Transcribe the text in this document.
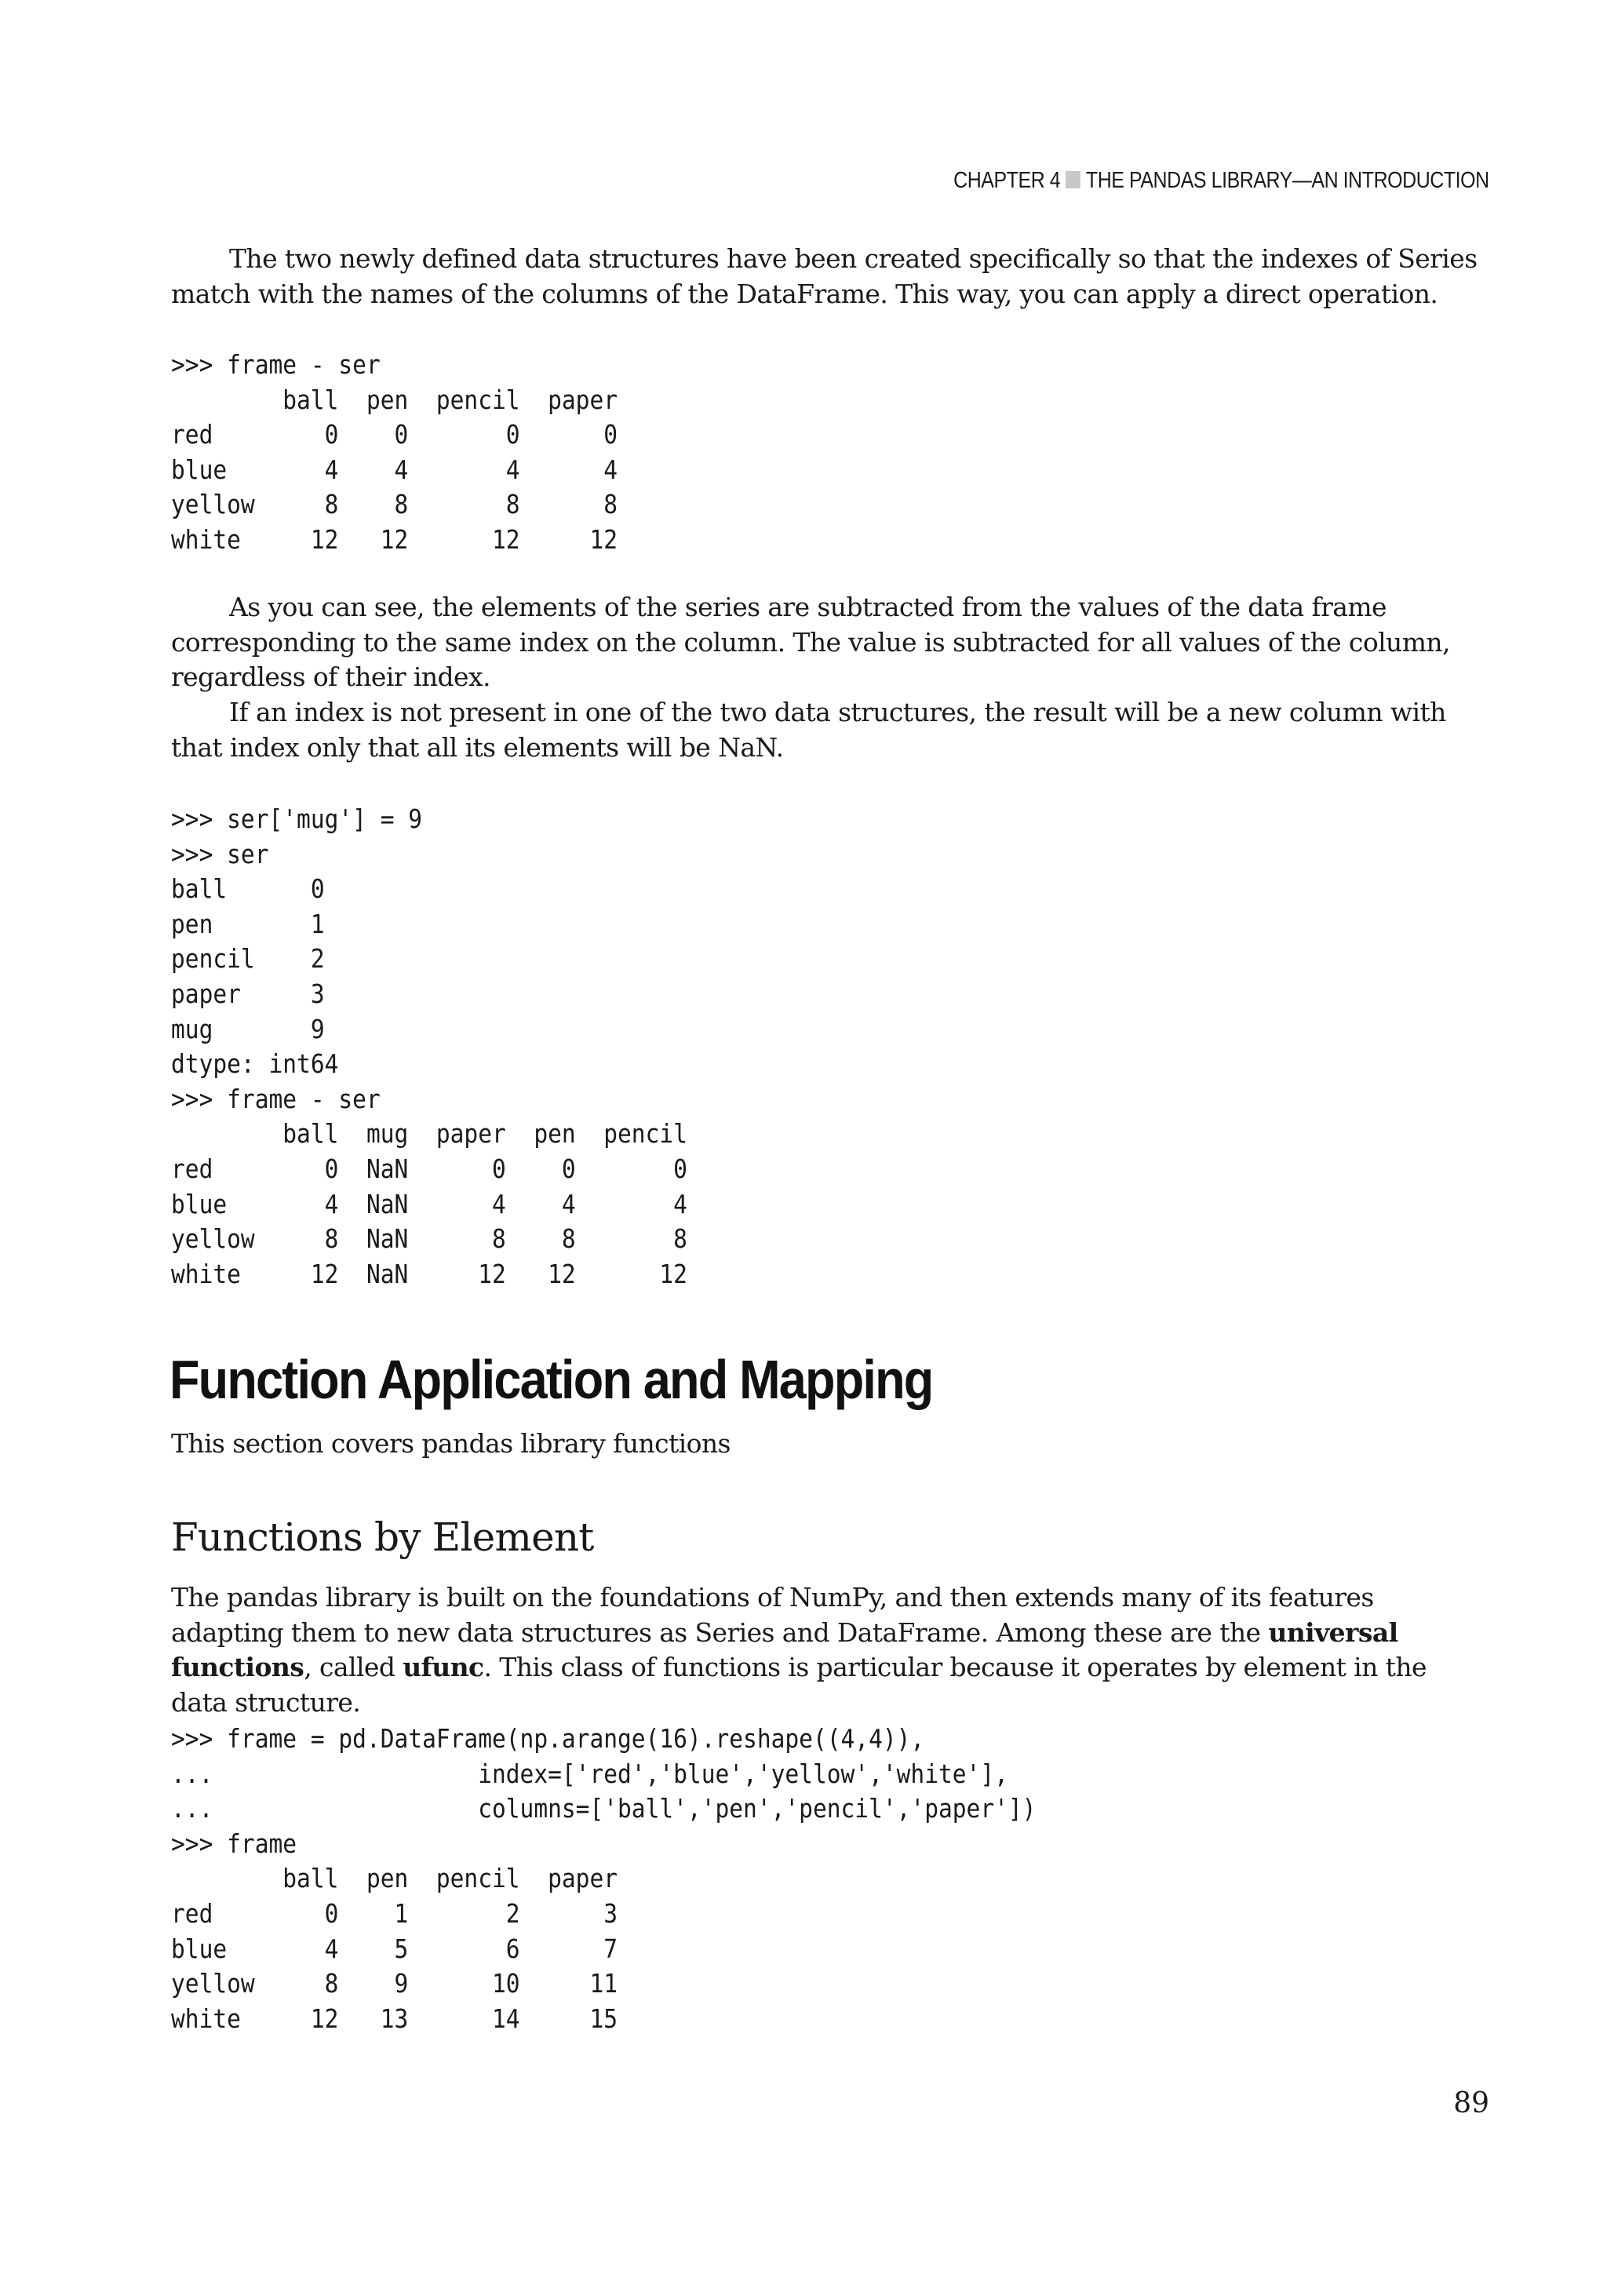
CHAPTER 4 THE PANDAS LIBRARY—AN INTRODUCTION

The two newly defined data structures have been created specifically so that the indexes of Series match with the names of the columns of the DataFrame. This way, you can apply a direct operation.

>>> frame - ser
ball  pen  pencil  paper
red        0    0       0      0
blue       4    4       4      4
yellow     8    8       8      8
white     12   12      12     12

As you can see, the elements of the series are subtracted from the values of the data frame corresponding to the same index on the column. The value is subtracted for all values of the column, regardless of their index.

If an index is not present in one of the two data structures, the result will be a new column with that index only that all its elements will be NaN.

>>> ser['mug'] = 9
>>> ser
ball      0
pen       1
pencil    2
paper     3
mug       9
dtype: int64
>>> frame - ser
ball  mug  paper  pen  pencil
red        0  NaN      0    0       0
blue       4  NaN      4    4       4
yellow     8  NaN      8    8       8
white     12  NaN     12   12      12
Function Application and Mapping

This section covers pandas library functions

Functions by Element

The pandas library is built on the foundations of NumPy, and then extends many of its features adapting them to new data structures as Series and DataFrame. Among these are the universal functions, called ufunc. This class of functions is particular because it operates by element in the data structure.

>>> frame = pd.DataFrame(np.arange(16).reshape((4,4)),
...                   index=['red','blue','yellow','white'],
...                   columns=['ball','pen','pencil','paper'])
>>> frame
ball  pen  pencil  paper
red        0    1       2      3
blue       4    5       6      7
yellow     8    9      10     11
white     12   13      14     15
89
